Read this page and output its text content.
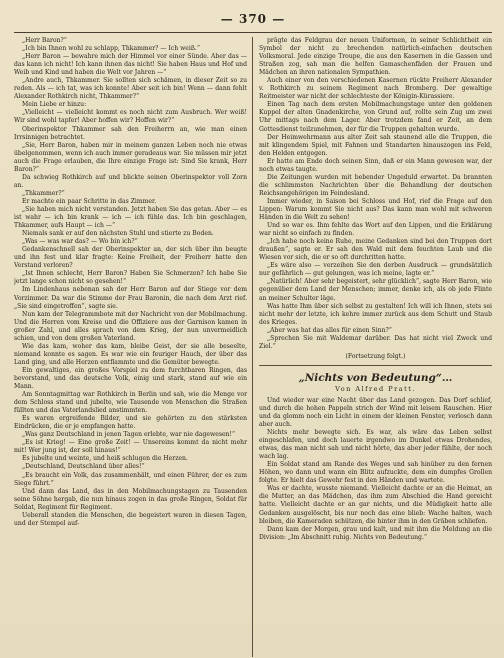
— 370 —

„Herr Baron?“

„Ich bin Ihnen wohl zu schlapp, Thkammer? — Ich weiß.“

„Herr Baron — bewahre mich der Himmel vor einer Sünde. Aber das — das kann ich nicht! Ich kann ihnen das nicht! Sie haben Haus und Hof und Weib und Kind und haben die Welt vor Jahren —“

„Andre auch, Thkammer. Sie sollten sich schämen, in dieser Zeit so zu reden. Als — ich tat, was ich konnte! Aber seit ich bin! Wenn — dann fehlt Alexander Rothkirch nicht, Thkammer?“

Mein Liebe er hinzu:

„Vielleicht — vielleicht kommt es noch nicht zum Ausbruch. Wer weiß! Wir sind wohl tapfer! Aber hoffen wir? Hoffen wir?“

Oberinspektor Thkammer sah den Freiherrn an, wie man einen Irrsinnigen betrachtet.

„Sie, Herr Baron, haben mir in meinem ganzen Leben noch nie etwas übelgenommen, wenn ich auch immer geradeaus war. Sie müssen mir jetzt auch die Frage erlauben, die Ihre einzige Frage ist: Sind Sie krank, Herr Baron?“

Da schwieg Rothkirch auf und blickte seinen Oberinspektor voll Zorn an.

„Thkammer?“

Er machte ein paar Schritte in das Zimmer.

„Sie haben mich nicht verstanden. Jetzt haben Sie das getan. Aber — es ist wahr — ich bin krank — ich — ich fühle das. Ich bin geschlagen, Thkammer, aufs Haupt — ich —“

Niemals sank er auf den nächsten Stuhl und stierte zu Boden.

„Was — was war das? — Wo bin ich?“

Gedankenschnell sah der Oberinspektor an, der sich über ihn beugte und ihn fest und klar fragte: Keine Freiheit, der Freiherr hatte den Verstand verloren?

„Ist Ihnen schlecht, Herr Baron? Haben Sie Schmerzen? Ich habe Sie jetzt lange schon nicht so gesehen!“

Im Lindenhaus nebenan sah der Herr Baron auf der Stiege vor dem Vorzimmer. Da war die Stimme der Frau Baronin, die nach dem Arzt rief. „Sie sind eingetroffen“, sagte sie.

Nun kam der Telegrammbote mit der Nachricht von der Mobilmachung. Und die Herren vom Kreise und die Offiziere aus der Garnison kamen in großer Zahl, und alles sprach von dem Krieg, der nun unvermeidlich schien, und von dem großen Vaterland.

Wie das kam, woher das kam, bleibe Geist, der sie alle beseelte, niemand konnte es sagen. Es war wie ein feuriger Hauch, der über das Land ging, und alle Herzen entflammte und die Gemüter bewegte.

Ein gewaltiges, ein großes Vorspiel zu dem furchtbaren Ringen, das bevorstand, und das deutsche Volk, einig und stark, stand auf wie ein Mann.

Am Sonntagmittag war Rothkirch in Berlin und sah, wie die Menge vor dem Schloss stand und jubelte, wie Tausende von Menschen die Straßen füllten und das Vaterlandslied anstimmten.

Es waren ergreifende Bilder, und sie gehörten zu den stärksten Eindrücken, die er je empfangen hatte.

„Was ganz Deutschland in jenen Tagen erlebte, war nie dagewesen!“

„Es ist Krieg! — Eine große Zeit! — Unsereins kommt da nicht mehr mit! Wer jung ist, der soll hinaus!“

Es jubelte und weinte, und heiß schlugen die Herzen.

„Deutschland, Deutschland über alles!“

„Es braucht ein Volk, das zusammenhält, und einen Führer, der es zum Siege führt.“

Und dann das Land, das in den Mobilmachungstagen zu Tausenden seine Söhne hergab, die nun hinaus zogen in das große Ringen, Soldat für Soldat, Regiment für Regiment.

Ueberall standen die Menschen, die begeistert waren in diesen Tagen, und der Stempel auf-

prägte das Feldgrau der neuen Uniformen, in seiner Schlichtheit ein Symbol der nicht zu brechenden natürlich-einfachen deutschen Volksmoral. Jede einzige Troupe, die aus den Kasernen in die Gassen und Straßen zog, sah man die helfen Gamaschenfäden der Frauen und Mädchen an ihren nationalen Sympathien.

Auch einer von den verschiedenen Kasernen rückte Freiherr Alexander v. Rothkirch zu seinem Regiment nach Bromberg. Der gewaltige Reitmeister war nicht der schlechteste der Königin-Kürassiere.

Einen Tag nach dem ersten Mobilmachungstage unter den goldenen Kuppel der alten Gnadenkirche, von Grund auf, rollte sein Zug um zwei Uhr mittags nach dem Lager. Aber trotzdem fand er Zeit, an dem Gottesdienst teilzunehmen, der für die Truppen gehalten wurde.

Der Heimwehrmann aus alter Zeit sah staunend alle die Truppen, die mit klingendem Spiel, mit Fahnen und Standarten hinauszogen ins Feld, den Helden entgegen.

Er hatte am Ende doch seinen Sinn, daß er ein Mann gewesen war, der noch etwas taugte.

Die Zeitungen wurden mit bebender Ungeduld erwartet. Da brannten die schlimmsten Nachrichten über die Behandlung der deutschen Reichsangehörigen im Feindesland.

Immer wieder, in Saison bei Schloss und Hof, rief die Frage auf den Lippen: Warum kommt Sie nicht aus? Das kann man wohl mit schweren Händen in die Welt zu sehen!

Und so war es. Ihm fehlte das Wort auf den Lippen, und die Erklärung war nicht so einfach zu finden.

„Ich habe noch keine Ruhe, meine Gedanken sind bei den Truppen dort draußen“, sagte er. Er sah den Wald mit dem feuchten Laub und die Wiesen vor sich, die er so oft durchritten hatte.

„Es wäre also — verzeihen Sie den derben Ausdruck — grundsätzlich nur gefährlich — gut gelungen, was ich meine, lagte er.“

„Natürlich! Aber sehr begeistert, sehr glücklich“, sagte Herr Baron, wie gegenüber dem Land der Menschen; immer, denke ich, als ob jede Flinte an meiner Schulter läge.

Was hatte Ihm über sich selbst zu gestalten! Ich will ich Ihnen, stets sei nicht mehr der letzte, ich kehre immer zurück aus dem Schutt und Staub des Krieges.

„Aber was hat das alles für einen Sinn?“

„Sprechen Sie mit Waldemar darüber. Das hat nicht viel Zweck und Ziel.“

(Fortsetzung folgt.)

„Nichts von Bedeutung“…
Von Alfred Pratt.

Und wieder war eine Nacht über das Land gezogen. Das Dorf schlief, und durch die hohen Pappeln strich der Wind mit leisem Rauschen. Hier und da glomm noch ein Licht in einem der kleinen Fenster, verlosch dann aber auch.

Nichts mehr bewegte sich. Es war, als wäre das Leben selbst eingeschlafen, und doch lauerte irgendwo im Dunkel etwas Drohendes, etwas, das man nicht sah und nicht hörte, das aber jeder fühlte, der noch wach lag.

Ein Soldat stand am Rande des Weges und sah hinüber zu den fernen Höhen, wo dann und wann ein Blitz aufzuckte, dem ein dumpfes Grollen folgte. Er hielt das Gewehr fest in den Händen und wartete.

Was er dachte, wusste niemand. Vielleicht dachte er an die Heimat, an die Mutter, an das Mädchen, das ihm zum Abschied die Hand gereicht hatte. Vielleicht dachte er an gar nichts, und die Müdigkeit hatte alle Gedanken ausgelöscht, bis nur noch das eine blieb: Wache halten, wach bleiben, die Kameraden schützen, die hinter ihm in den Gräben schliefen.

Dann kam der Morgen, grau und kalt, und mit ihm die Meldung an die Division: „Im Abschnitt ruhig. Nichts von Bedeutung.“
